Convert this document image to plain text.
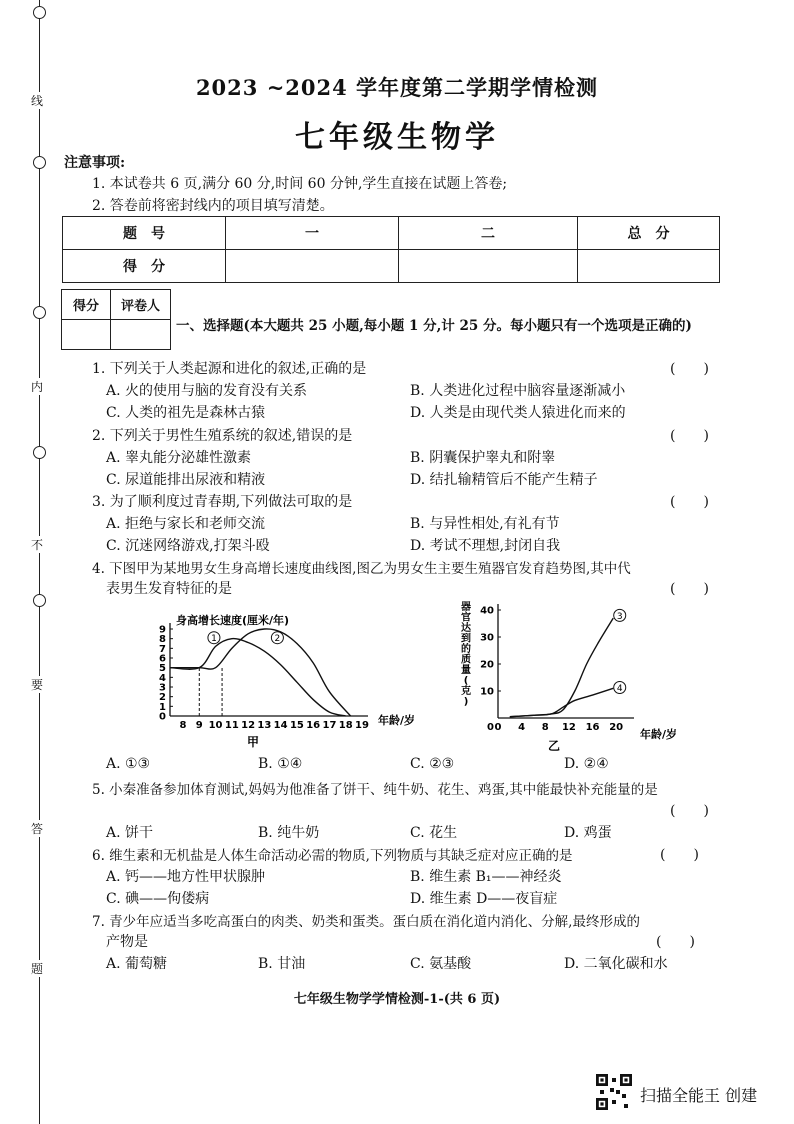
线
内
不
要
答
题
2023 ~2024 学年度第二学期学情检测
七年级生物学
注意事项:
1. 本试卷共 6 页,满分 60 分,时间 60 分钟,学生直接在试题上答卷;
2. 答卷前将密封线内的项目填写清楚。
题　号	一	二	总　分
得　分			
得分	评卷人

一、选择题(本大题共 25 小题,每小题 1 分,计 25 分。每小题只有一个选项是正确的)
1. 下列关于人类起源和进化的叙述,正确的是	(　　)
A. 火的使用与脑的发育没有关系	B. 人类进化过程中脑容量逐渐减小
C. 人类的祖先是森林古猿	D. 人类是由现代类人猿进化而来的
2. 下列关于男性生殖系统的叙述,错误的是	(　　)
A. 睾丸能分泌雄性激素	B. 阴囊保护睾丸和附睾
C. 尿道能排出尿液和精液	D. 结扎输精管后不能产生精子
3. 为了顺利度过青春期,下列做法可取的是	(　　)
A. 拒绝与家长和老师交流	B. 与异性相处,有礼有节
C. 沉迷网络游戏,打架斗殴	D. 考试不理想,封闭自我
4. 下图甲为某地男女生身高增长速度曲线图,图乙为男女生主要生殖器官发育趋势图,其中代
表男生发育特征的是	(　　)
身高增长速度(厘米/年)
8 9 10 11 12 13 14 15 16 17 18 19
0
1
2
3
4
5
6
7
8
9
1	2
年龄/岁
甲
0 4 8 12 16 20
10
20
30
40
0
3
4
器官达到的质量(克)
年龄/岁
乙
A. ①③	B. ①④	C. ②③	D. ②④
5. 小秦准备参加体育测试,妈妈为他准备了饼干、纯牛奶、花生、鸡蛋,其中能最快补充能量的是
(　　)
A. 饼干	B. 纯牛奶	C. 花生	D. 鸡蛋
6. 维生素和无机盐是人体生命活动必需的物质,下列物质与其缺乏症对应正确的是	(　　)
A. 钙——地方性甲状腺肿	B. 维生素 B₁——神经炎
C. 碘——佝偻病	D. 维生素 D——夜盲症
7. 青少年应适当多吃高蛋白的肉类、奶类和蛋类。蛋白质在消化道内消化、分解,最终形成的
产物是	(　　)
A. 葡萄糖	B. 甘油	C. 氨基酸	D. 二氧化碳和水
七年级生物学学情检测-1-(共 6 页)
扫描全能王 创建
